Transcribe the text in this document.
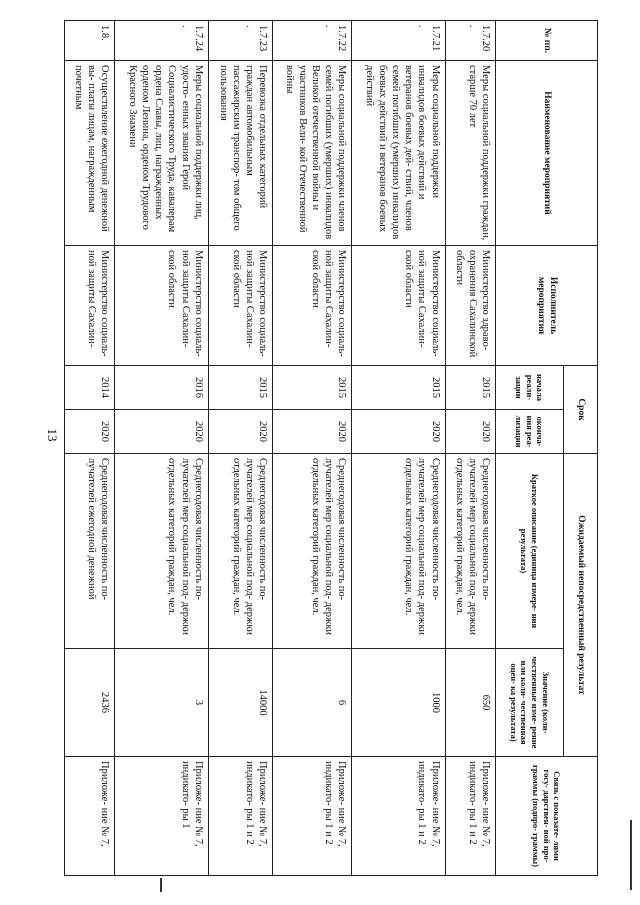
13
№ пп.	Наименование мероприятий	Исполнитель мероприятия	Срок		Ожидаемый непосредственный результат		Связь с показате- лями госу- дарствен- ной про- граммы (подпро- граммы)
			начала реали- зации	оконча- ния реа- лизации	Краткое описание (единица измере- ния результата)	Значение (коли- чественные изме- рение или коли- чественная оцен- ка результата)	
1.7.20 .	Меры социальной поддержки граждан, старше 70 лет	Министерство здраво- охранения Сахалинской области	2015	2020	Среднегодовая численность по- лучателей мер социальной под- держки отдельных категорий граждан, чел.	650	Приложе- ние № 7, индикато- ры 1 и 2
1.7.21 .	Меры социальной поддержки инвалидов боевых действий и ветеранов боевых дей- ствий, членов семей погибших (умерших) инвалидов боевых действий и ветеранов боевых действий	Министерство социаль- ной защиты Сахалин- ской области	2015	2020	Среднегодовая численность по- лучателей мер социальной под- держки отдельных категорий граждан, чел.	1000	Приложе- ние № 7, индикато- ры 1 и 2
1.7.22 .	Меры социальной поддержки членов семей погибших (умерших) инвалидов Великой отечественной войны и участников Вели- кой Отечественной войны	Министерство социаль- ной защиты Сахалин- ской области	2015	2020	Среднегодовая численность по- лучателей мер социальной под- держки отдельных категорий граждан, чел.	6	Приложе- ние № 7, индикато- ры 1 и 2
1.7.23 .	Перевозка отдельных категорий граждан автомобильным пассажирским транспор- том общего пользования	Министерство социаль- ной защиты Сахалин- ской области	2015	2020	Среднегодовая численность по- лучателей мер социальной под- держки отдельных категорий граждан, чел.	14000	Приложе- ние № 7, индикато- ры 1 и 2
1.7.24 .	Меры социальной поддержки лиц, удосто- енных звания Герой Социалистического Труда, кавалерам ордена Славы, лиц, награжденных орденом Ленина, орденом Трудового Красного Знамени	Министерство социаль- ной защиты Сахалин- ской области	2016	2020	Среднегодовая численность по- лучателей мер социальной под- держки отдельных категорий граждан, чел.	3	Приложе- ние № 7, индикато- ры 1
1.8.	Осуществление ежегодной денежной вы- платы лицам, награжденным почетным	Министерство социаль- ной защиты Сахалин-	2014	2020	Среднегодовая численность по- лучателей ежегодной денежной	2436	Приложе- ние № 7,
